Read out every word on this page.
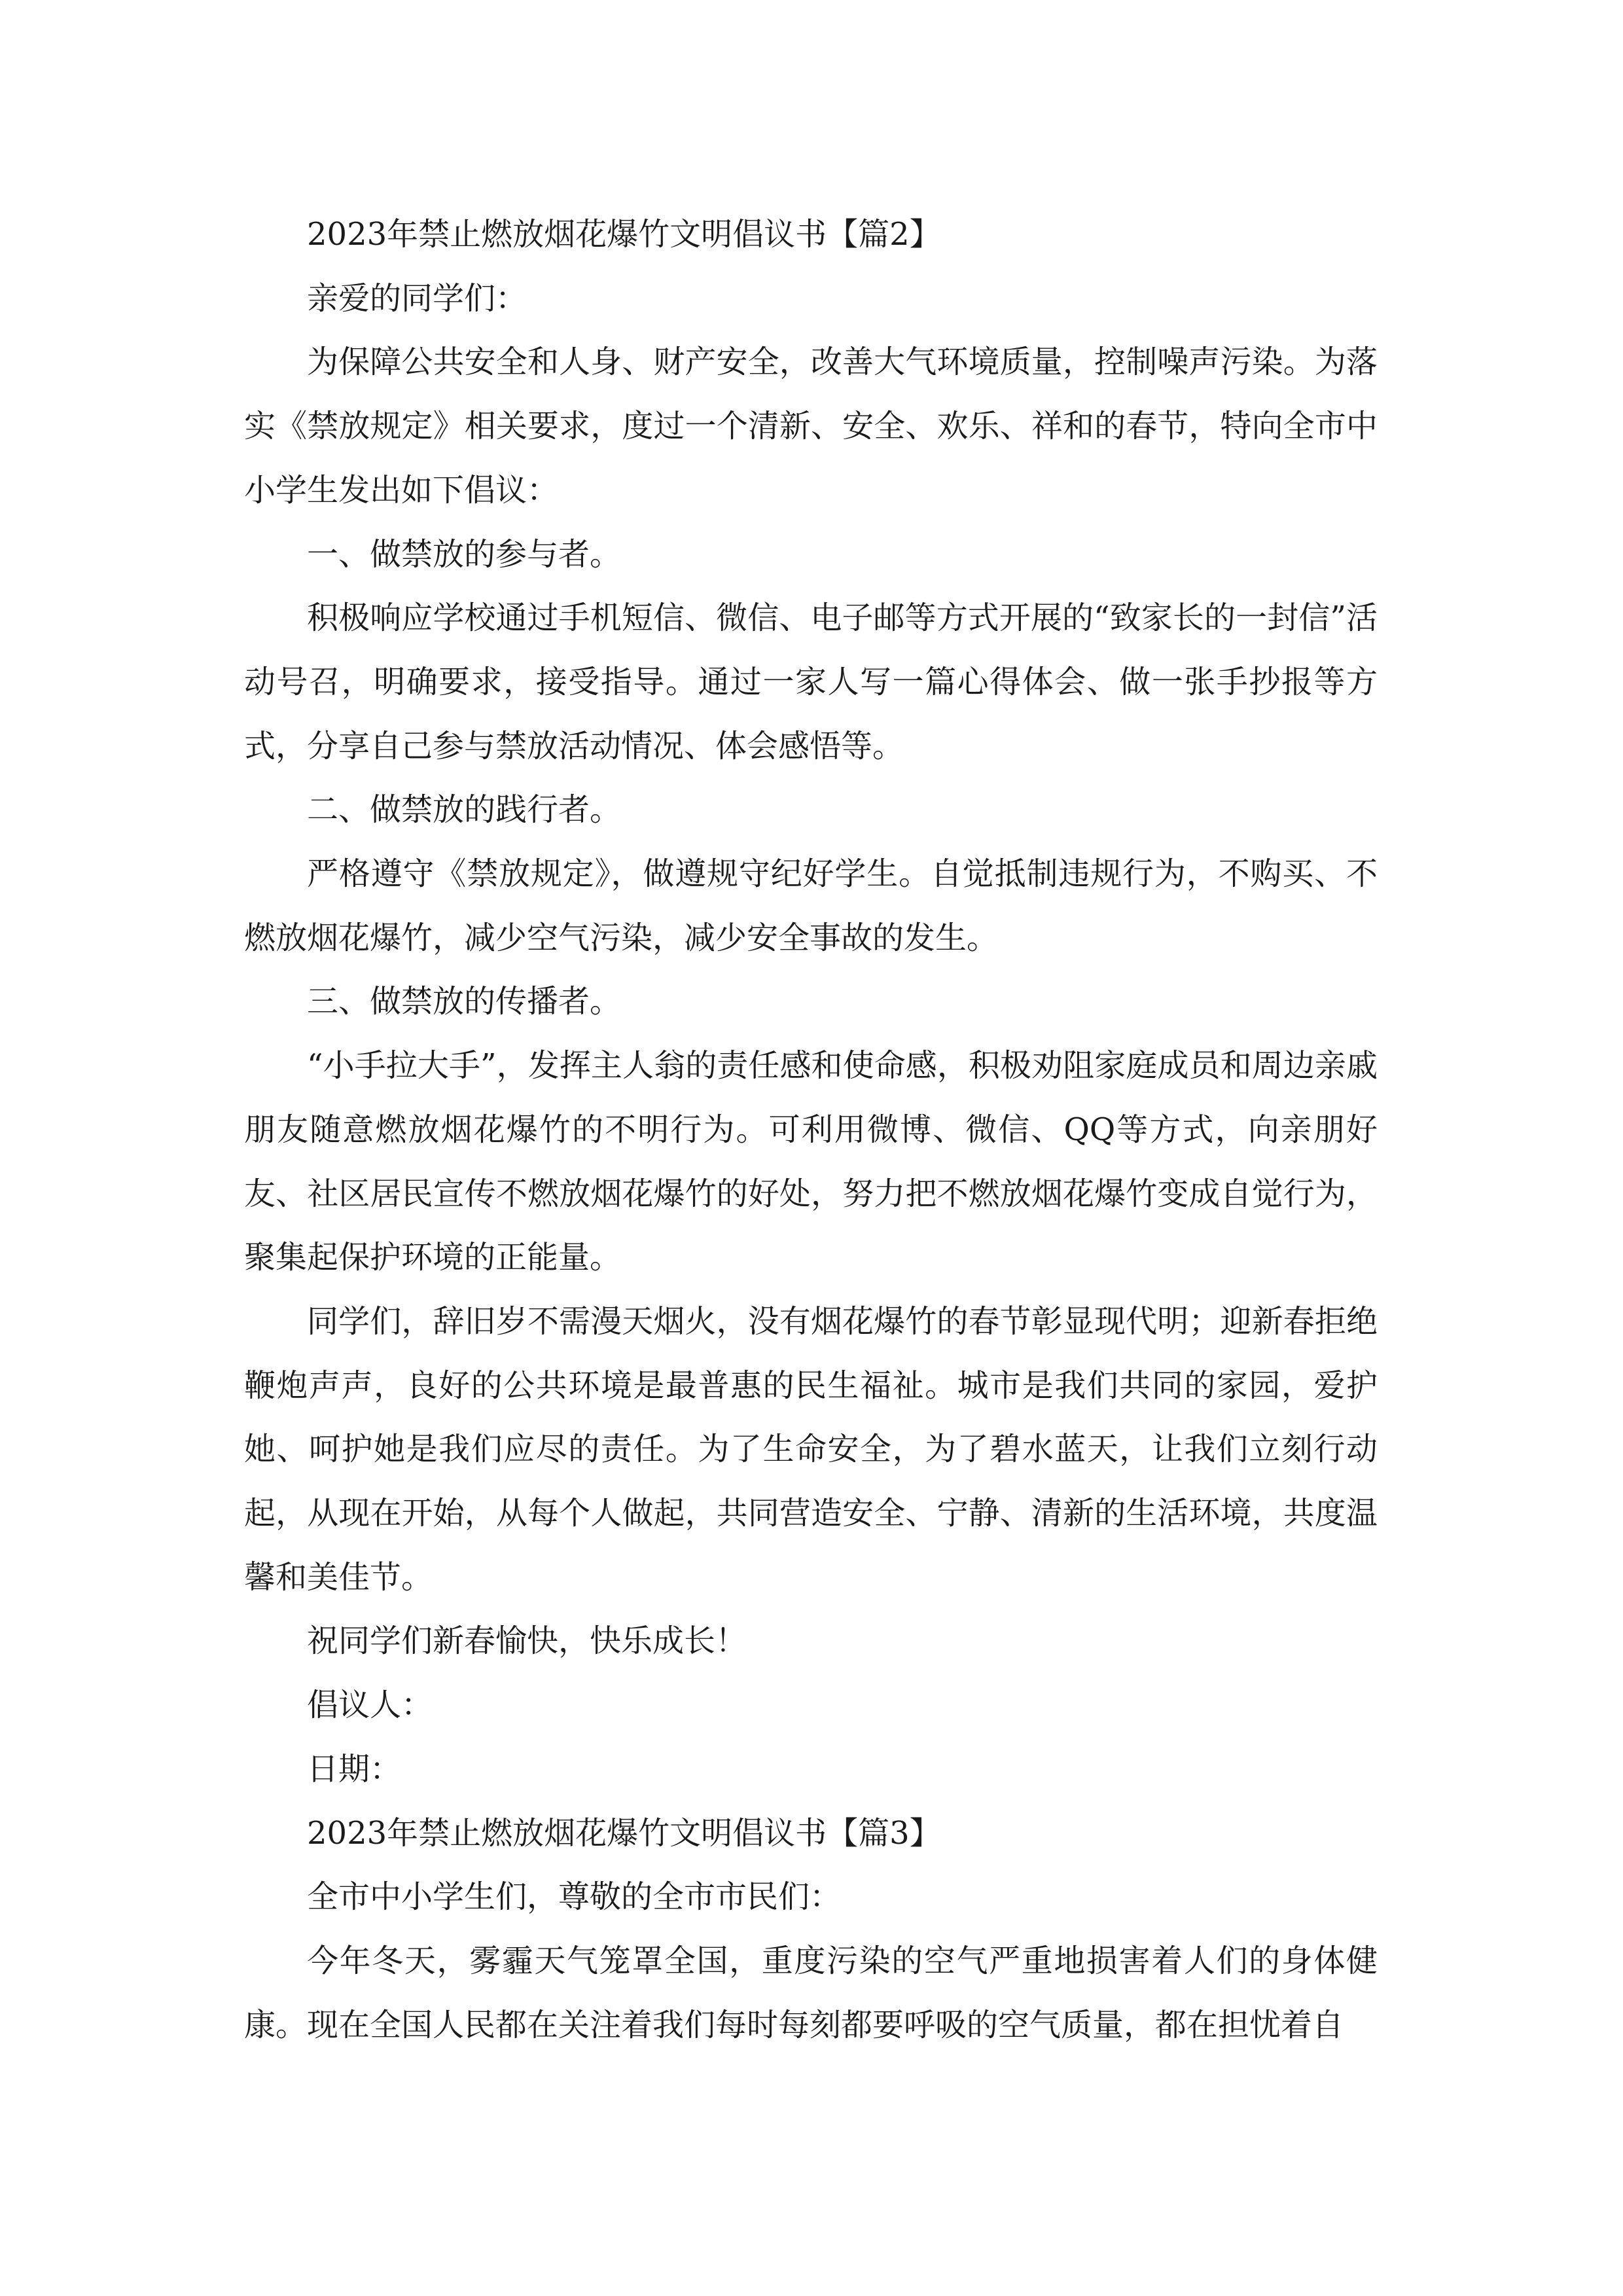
2023年禁止燃放烟花爆竹文明倡议书【篇2】

亲爱的同学们：

为保障公共安全和人身、财产安全，改善大气环境质量，控制噪声污染。为落实《禁放规定》相关要求，度过一个清新、安全、欢乐、祥和的春节，特向全市中小学生发出如下倡议：

一、做禁放的参与者。

积极响应学校通过手机短信、微信、电子邮等方式开展的“致家长的一封信”活动号召，明确要求，接受指导。通过一家人写一篇心得体会、做一张手抄报等方式，分享自己参与禁放活动情况、体会感悟等。

二、做禁放的践行者。

严格遵守《禁放规定》，做遵规守纪好学生。自觉抵制违规行为，不购买、不燃放烟花爆竹，减少空气污染，减少安全事故的发生。

三、做禁放的传播者。

“小手拉大手”，发挥主人翁的责任感和使命感，积极劝阻家庭成员和周边亲戚朋友随意燃放烟花爆竹的不明行为。可利用微博、微信、QQ等方式，向亲朋好友、社区居民宣传不燃放烟花爆竹的好处，努力把不燃放烟花爆竹变成自觉行为，聚集起保护环境的正能量。

同学们，辞旧岁不需漫天烟火，没有烟花爆竹的春节彰显现代明；迎新春拒绝鞭炮声声，良好的公共环境是最普惠的民生福祉。城市是我们共同的家园，爱护她、呵护她是我们应尽的责任。为了生命安全，为了碧水蓝天，让我们立刻行动起，从现在开始，从每个人做起，共同营造安全、宁静、清新的生活环境，共度温馨和美佳节。

祝同学们新春愉快，快乐成长！

倡议人：

日期：

2023年禁止燃放烟花爆竹文明倡议书【篇3】

全市中小学生们，尊敬的全市市民们：

今年冬天，雾霾天气笼罩全国，重度污染的空气严重地损害着人们的身体健康。现在全国人民都在关注着我们每时每刻都要呼吸的空气质量，都在担忧着自
